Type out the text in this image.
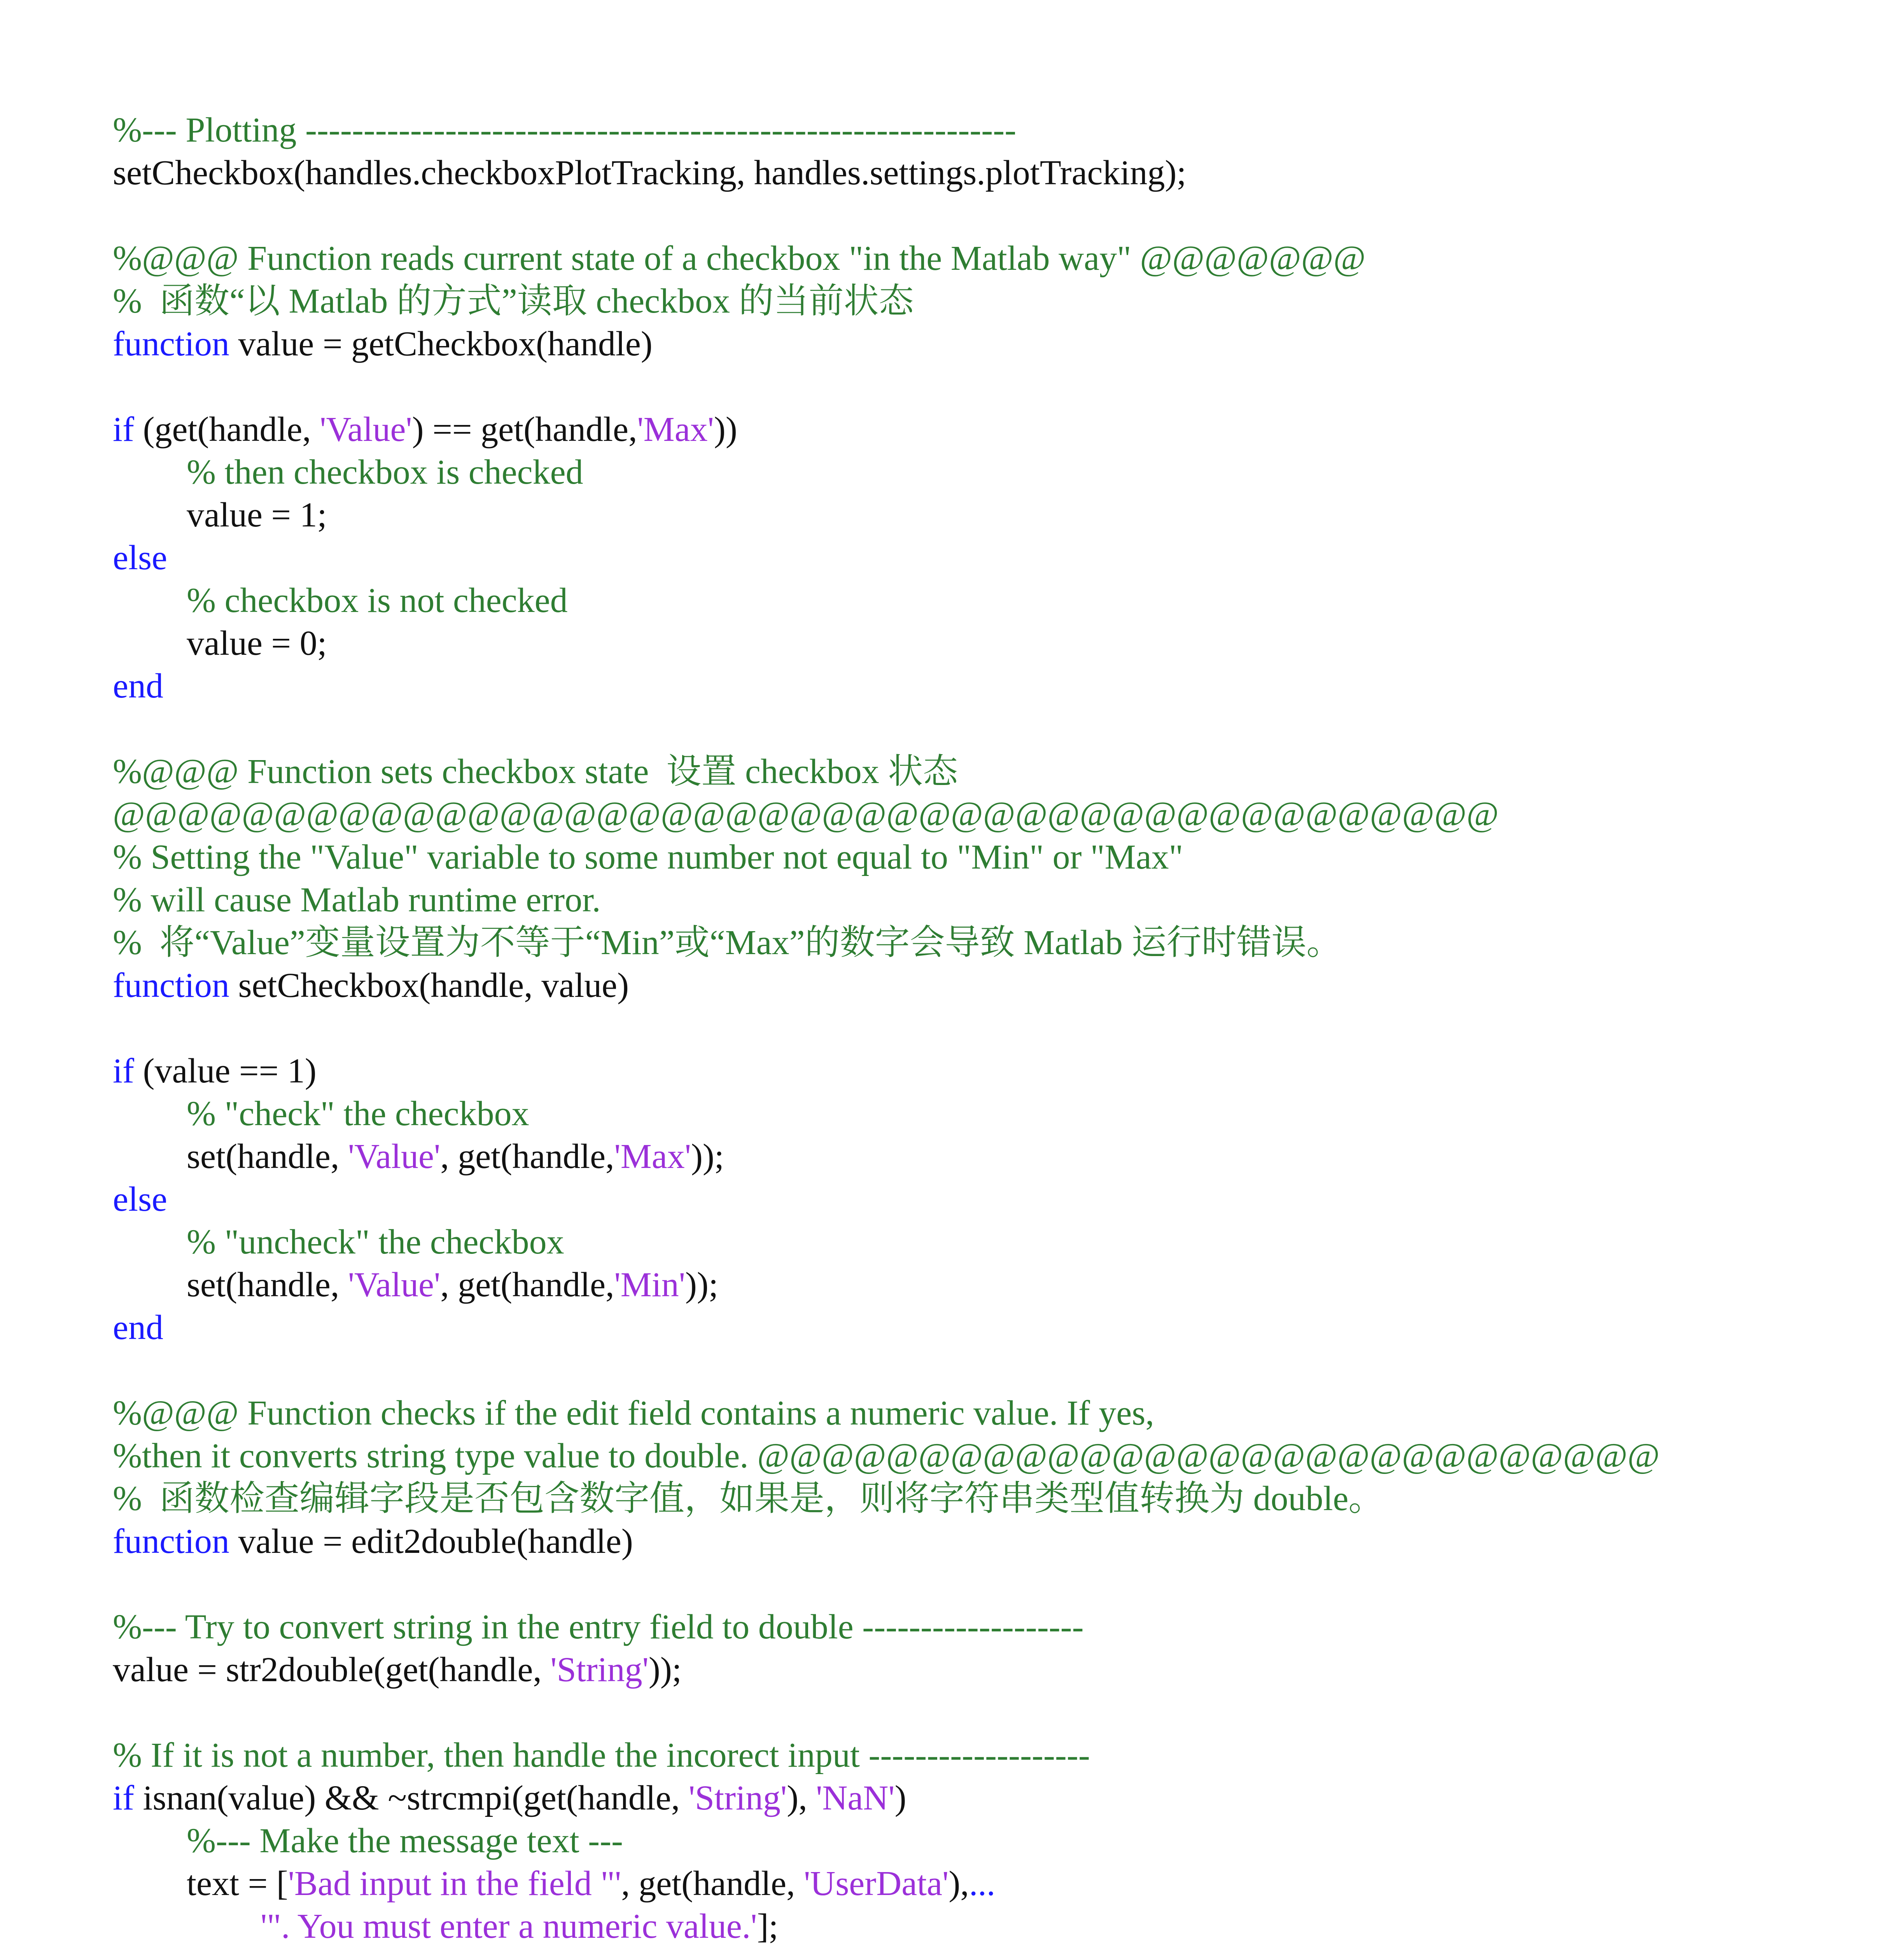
%--- Plotting -------------------------------------------------------------
setCheckbox(handles.checkboxPlotTracking, handles.settings.plotTracking);
%@@@ Function reads current state of a checkbox "in the Matlab way" @@@@@@@
%  函数“以 Matlab 的方式”读取 checkbox 的当前状态
function value = getCheckbox(handle)
if (get(handle, 'Value') == get(handle,'Max'))
% then checkbox is checked
value = 1;
else
% checkbox is not checked
value = 0;
end
%@@@ Function sets checkbox state  设置 checkbox 状态
@@@@@@@@@@@@@@@@@@@@@@@@@@@@@@@@@@@@@@@@@@@
% Setting the "Value" variable to some number not equal to "Min" or "Max"
% will cause Matlab runtime error.
%  将“Value”变量设置为不等于“Min”或“Max”的数字会导致 Matlab 运行时错误。
function setCheckbox(handle, value)
if (value == 1)
% "check" the checkbox
set(handle, 'Value', get(handle,'Max'));
else
% "uncheck" the checkbox
set(handle, 'Value', get(handle,'Min'));
end
%@@@ Function checks if the edit field contains a numeric value. If yes,
%then it converts string type value to double. @@@@@@@@@@@@@@@@@@@@@@@@@@@@
%  函数检查编辑字段是否包含数字值，如果是，则将字符串类型值转换为 double。
function value = edit2double(handle)
%--- Try to convert string in the entry field to double -------------------
value = str2double(get(handle, 'String'));
% If it is not a number, then handle the incorect input -------------------
if isnan(value) && ~strcmpi(get(handle, 'String'), 'NaN')
%--- Make the message text ---
text = ['Bad input in the field "', get(handle, 'UserData'),...
'". You must enter a numeric value.'];
